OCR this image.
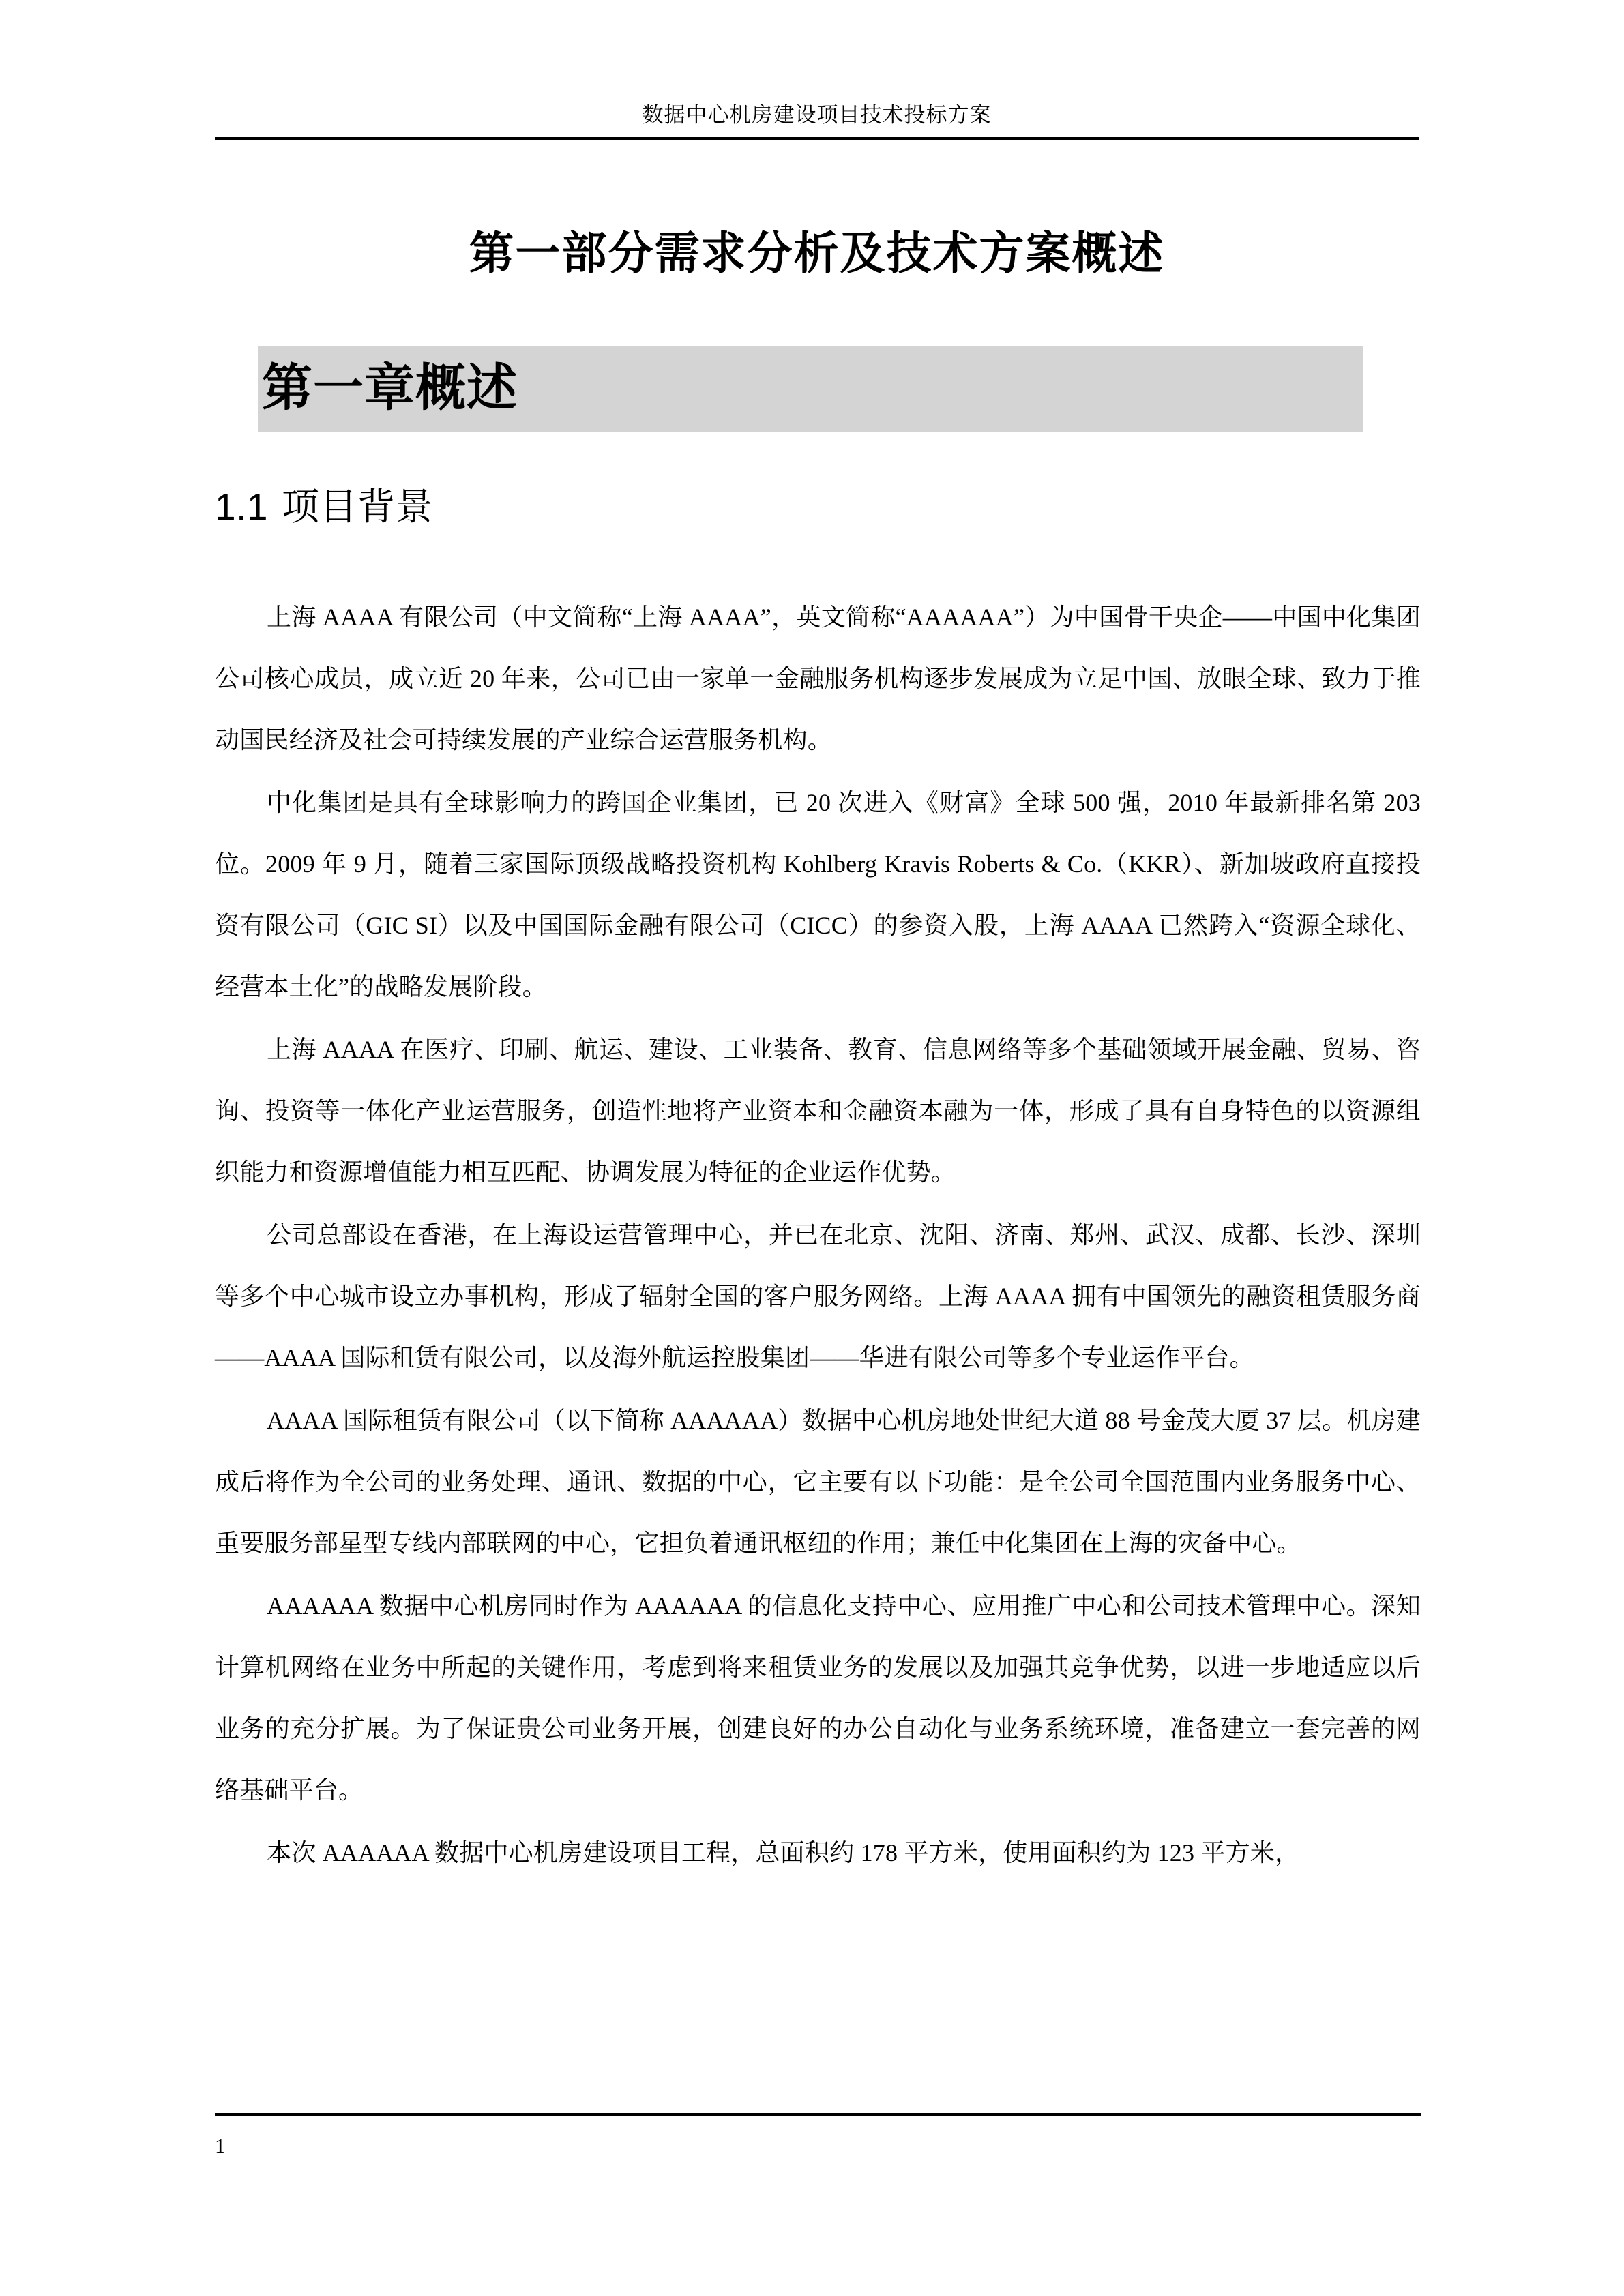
数据中心机房建设项目技术投标方案
第一部分需求分析及技术方案概述
第一章概述
1.1 项目背景

上海 AAAA 有限公司（中文简称“上海 AAAA”，英文简称“AAAAAA”）为中国骨干央企——中国中化集团公司核心成员，成立近 20 年来，公司已由一家单一金融服务机构逐步发展成为立足中国、放眼全球、致力于推动国民经济及社会可持续发展的产业综合运营服务机构。

中化集团是具有全球影响力的跨国企业集团，已 20 次进入《财富》全球 500 强，2010 年最新排名第 203 位。2009 年 9 月，随着三家国际顶级战略投资机构 Kohlberg Kravis Roberts & Co.（KKR）、新加坡政府直接投资有限公司（GIC SI）以及中国国际金融有限公司（CICC）的参资入股，上海 AAAA 已然跨入“资源全球化、经营本土化”的战略发展阶段。

上海 AAAA 在医疗、印刷、航运、建设、工业装备、教育、信息网络等多个基础领域开展金融、贸易、咨询、投资等一体化产业运营服务，创造性地将产业资本和金融资本融为一体，形成了具有自身特色的以资源组织能力和资源增值能力相互匹配、协调发展为特征的企业运作优势。

公司总部设在香港，在上海设运营管理中心，并已在北京、沈阳、济南、郑州、武汉、成都、长沙、深圳等多个中心城市设立办事机构，形成了辐射全国的客户服务网络。上海 AAAA 拥有中国领先的融资租赁服务商——AAAA 国际租赁有限公司，以及海外航运控股集团——华进有限公司等多个专业运作平台。

AAAA 国际租赁有限公司（以下简称 AAAAAA）数据中心机房地处世纪大道 88 号金茂大厦 37 层。机房建成后将作为全公司的业务处理、通讯、数据的中心，它主要有以下功能：是全公司全国范围内业务服务中心、重要服务部星型专线内部联网的中心，它担负着通讯枢纽的作用；兼任中化集团在上海的灾备中心。

AAAAAA 数据中心机房同时作为 AAAAAA 的信息化支持中心、应用推广中心和公司技术管理中心。深知计算机网络在业务中所起的关键作用，考虑到将来租赁业务的发展以及加强其竞争优势，以进一步地适应以后业务的充分扩展。为了保证贵公司业务开展，创建良好的办公自动化与业务系统环境，准备建立一套完善的网络基础平台。

本次 AAAAAA 数据中心机房建设项目工程，总面积约 178 平方米，使用面积约为 123 平方米，

1
